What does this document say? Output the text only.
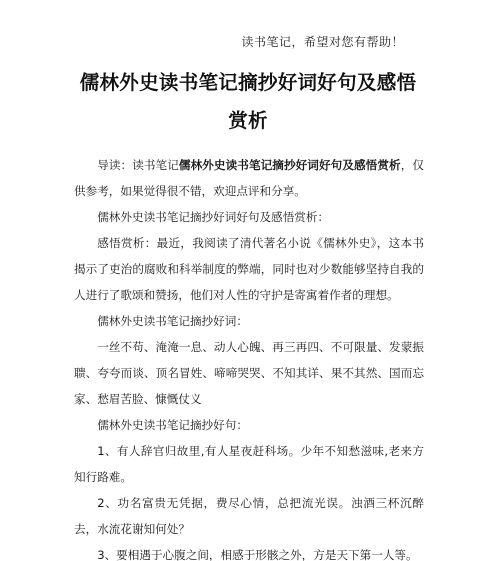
读书笔记，希望对您有帮助！
儒林外史读书笔记摘抄好词好句及感悟赏析

导读：读书笔记儒林外史读书笔记摘抄好词好句及感悟赏析，仅供参考，如果觉得很不错，欢迎点评和分享。

儒林外史读书笔记摘抄好词好句及感悟赏析：

感悟赏析：最近，我阅读了清代著名小说《儒林外史》，这本书揭示了吏治的腐败和科举制度的弊端，同时也对少数能够坚持自我的人进行了歌颂和赞扬，他们对人性的守护是寄寓着作者的理想。

儒林外史读书笔记摘抄好词：

一丝不苟、淹淹一息、动人心魄、再三再四、不可限量、发蒙振聩、夸夸而谈、顶名冒姓、啼啼哭哭、不知其详、果不其然、国而忘家、愁眉苦脸、慷慨仗义

儒林外史读书笔记摘抄好句：

1、有人辞官归故里,有人星夜赶科场。少年不知愁滋味,老来方知行路难。

2、功名富贵无凭据，费尽心情，总把流光误。浊酒三杯沉醉去，水流花谢知何处？

3、要相遇于心腹之间，相感于形骸之外，方是天下第一人等。
